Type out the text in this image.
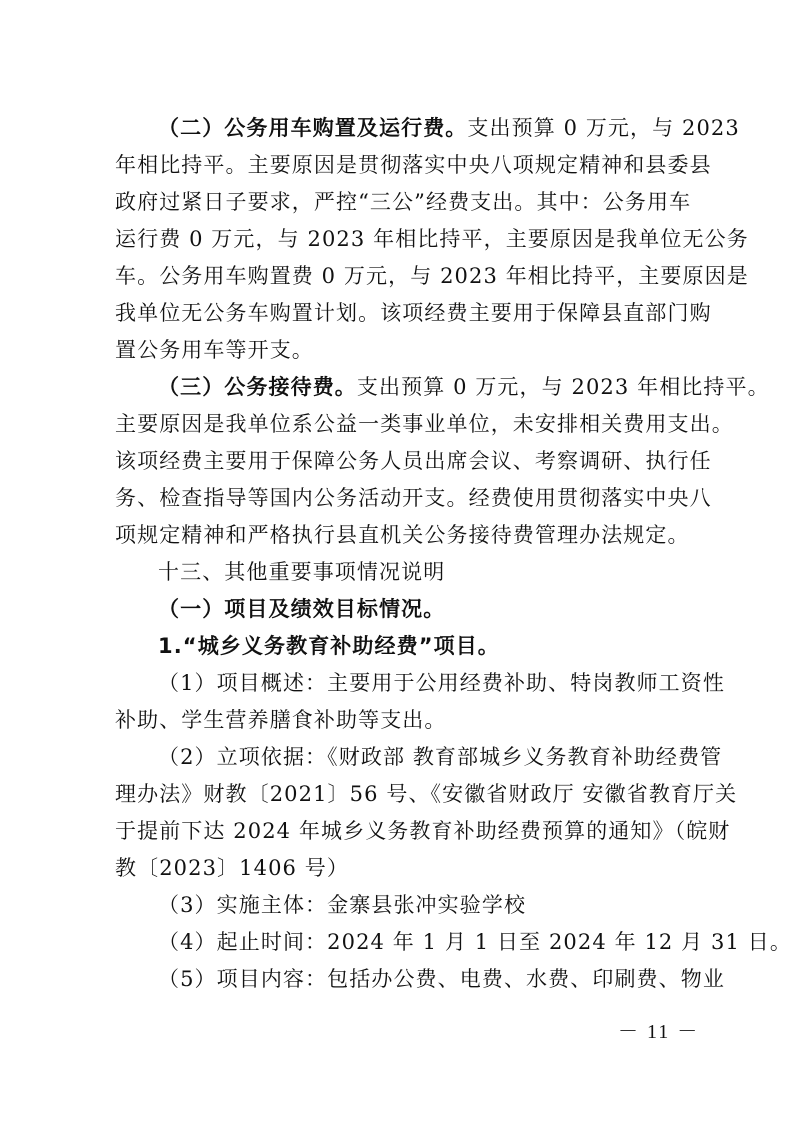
（二）公务用车购置及运行费。支出预算 0 万元，与 2023
年相比持平。主要原因是贯彻落实中央八项规定精神和县委县
政府过紧日子要求，严控“三公”经费支出。其中：公务用车
运行费 0 万元，与 2023 年相比持平，主要原因是我单位无公务
车。公务用车购置费 0 万元，与 2023 年相比持平，主要原因是
我单位无公务车购置计划。该项经费主要用于保障县直部门购
置公务用车等开支。
（三）公务接待费。支出预算 0 万元，与 2023 年相比持平。
主要原因是我单位系公益一类事业单位，未安排相关费用支出。
该项经费主要用于保障公务人员出席会议、考察调研、执行任
务、检查指导等国内公务活动开支。经费使用贯彻落实中央八
项规定精神和严格执行县直机关公务接待费管理办法规定。
十三、其他重要事项情况说明
（一）项目及绩效目标情况。
1.“城乡义务教育补助经费”项目。
（1）项目概述：主要用于公用经费补助、特岗教师工资性
补助、学生营养膳食补助等支出。
（2）立项依据：《财政部 教育部城乡义务教育补助经费管
理办法》财教〔2021〕56 号、《安徽省财政厅 安徽省教育厅关
于提前下达 2024 年城乡义务教育补助经费预算的通知》（皖财
教〔2023〕1406 号）
（3）实施主体：金寨县张冲实验学校
（4）起止时间：2024 年 1 月 1 日至 2024 年 12 月 31 日。
（5）项目内容：包括办公费、电费、水费、印刷费、物业
－ 11 －
